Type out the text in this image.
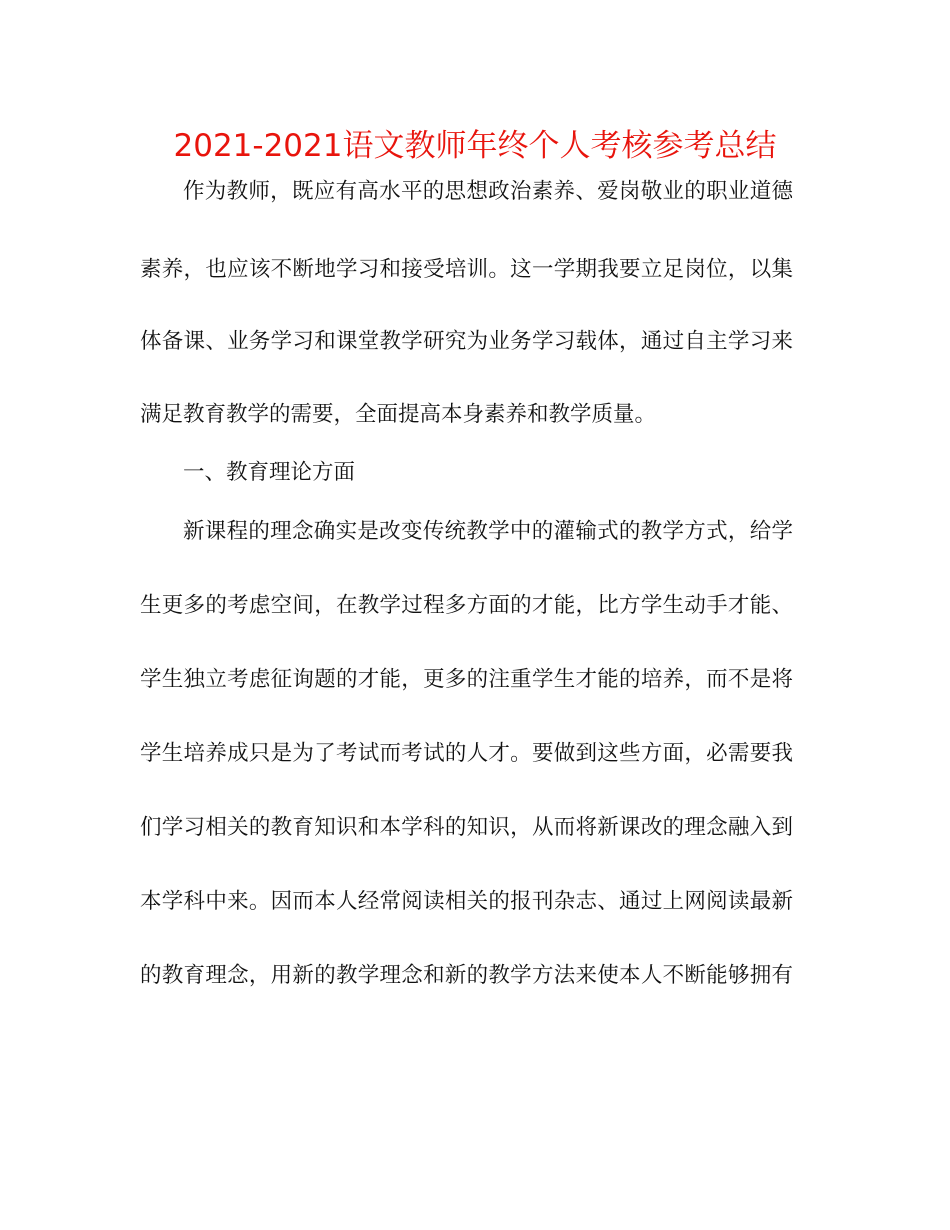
2021-2021语文教师年终个人考核参考总结
作为教师，既应有高水平的思想政治素养、爱岗敬业的职业道德
素养，也应该不断地学习和接受培训。这一学期我要立足岗位，以集
体备课、业务学习和课堂教学研究为业务学习载体，通过自主学习来
满足教育教学的需要，全面提高本身素养和教学质量。
一、教育理论方面
新课程的理念确实是改变传统教学中的灌输式的教学方式，给学
生更多的考虑空间，在教学过程多方面的才能，比方学生动手才能、
学生独立考虑征询题的才能，更多的注重学生才能的培养，而不是将
学生培养成只是为了考试而考试的人才。要做到这些方面，必需要我
们学习相关的教育知识和本学科的知识，从而将新课改的理念融入到
本学科中来。因而本人经常阅读相关的报刊杂志、通过上网阅读最新
的教育理念，用新的教学理念和新的教学方法来使本人不断能够拥有
